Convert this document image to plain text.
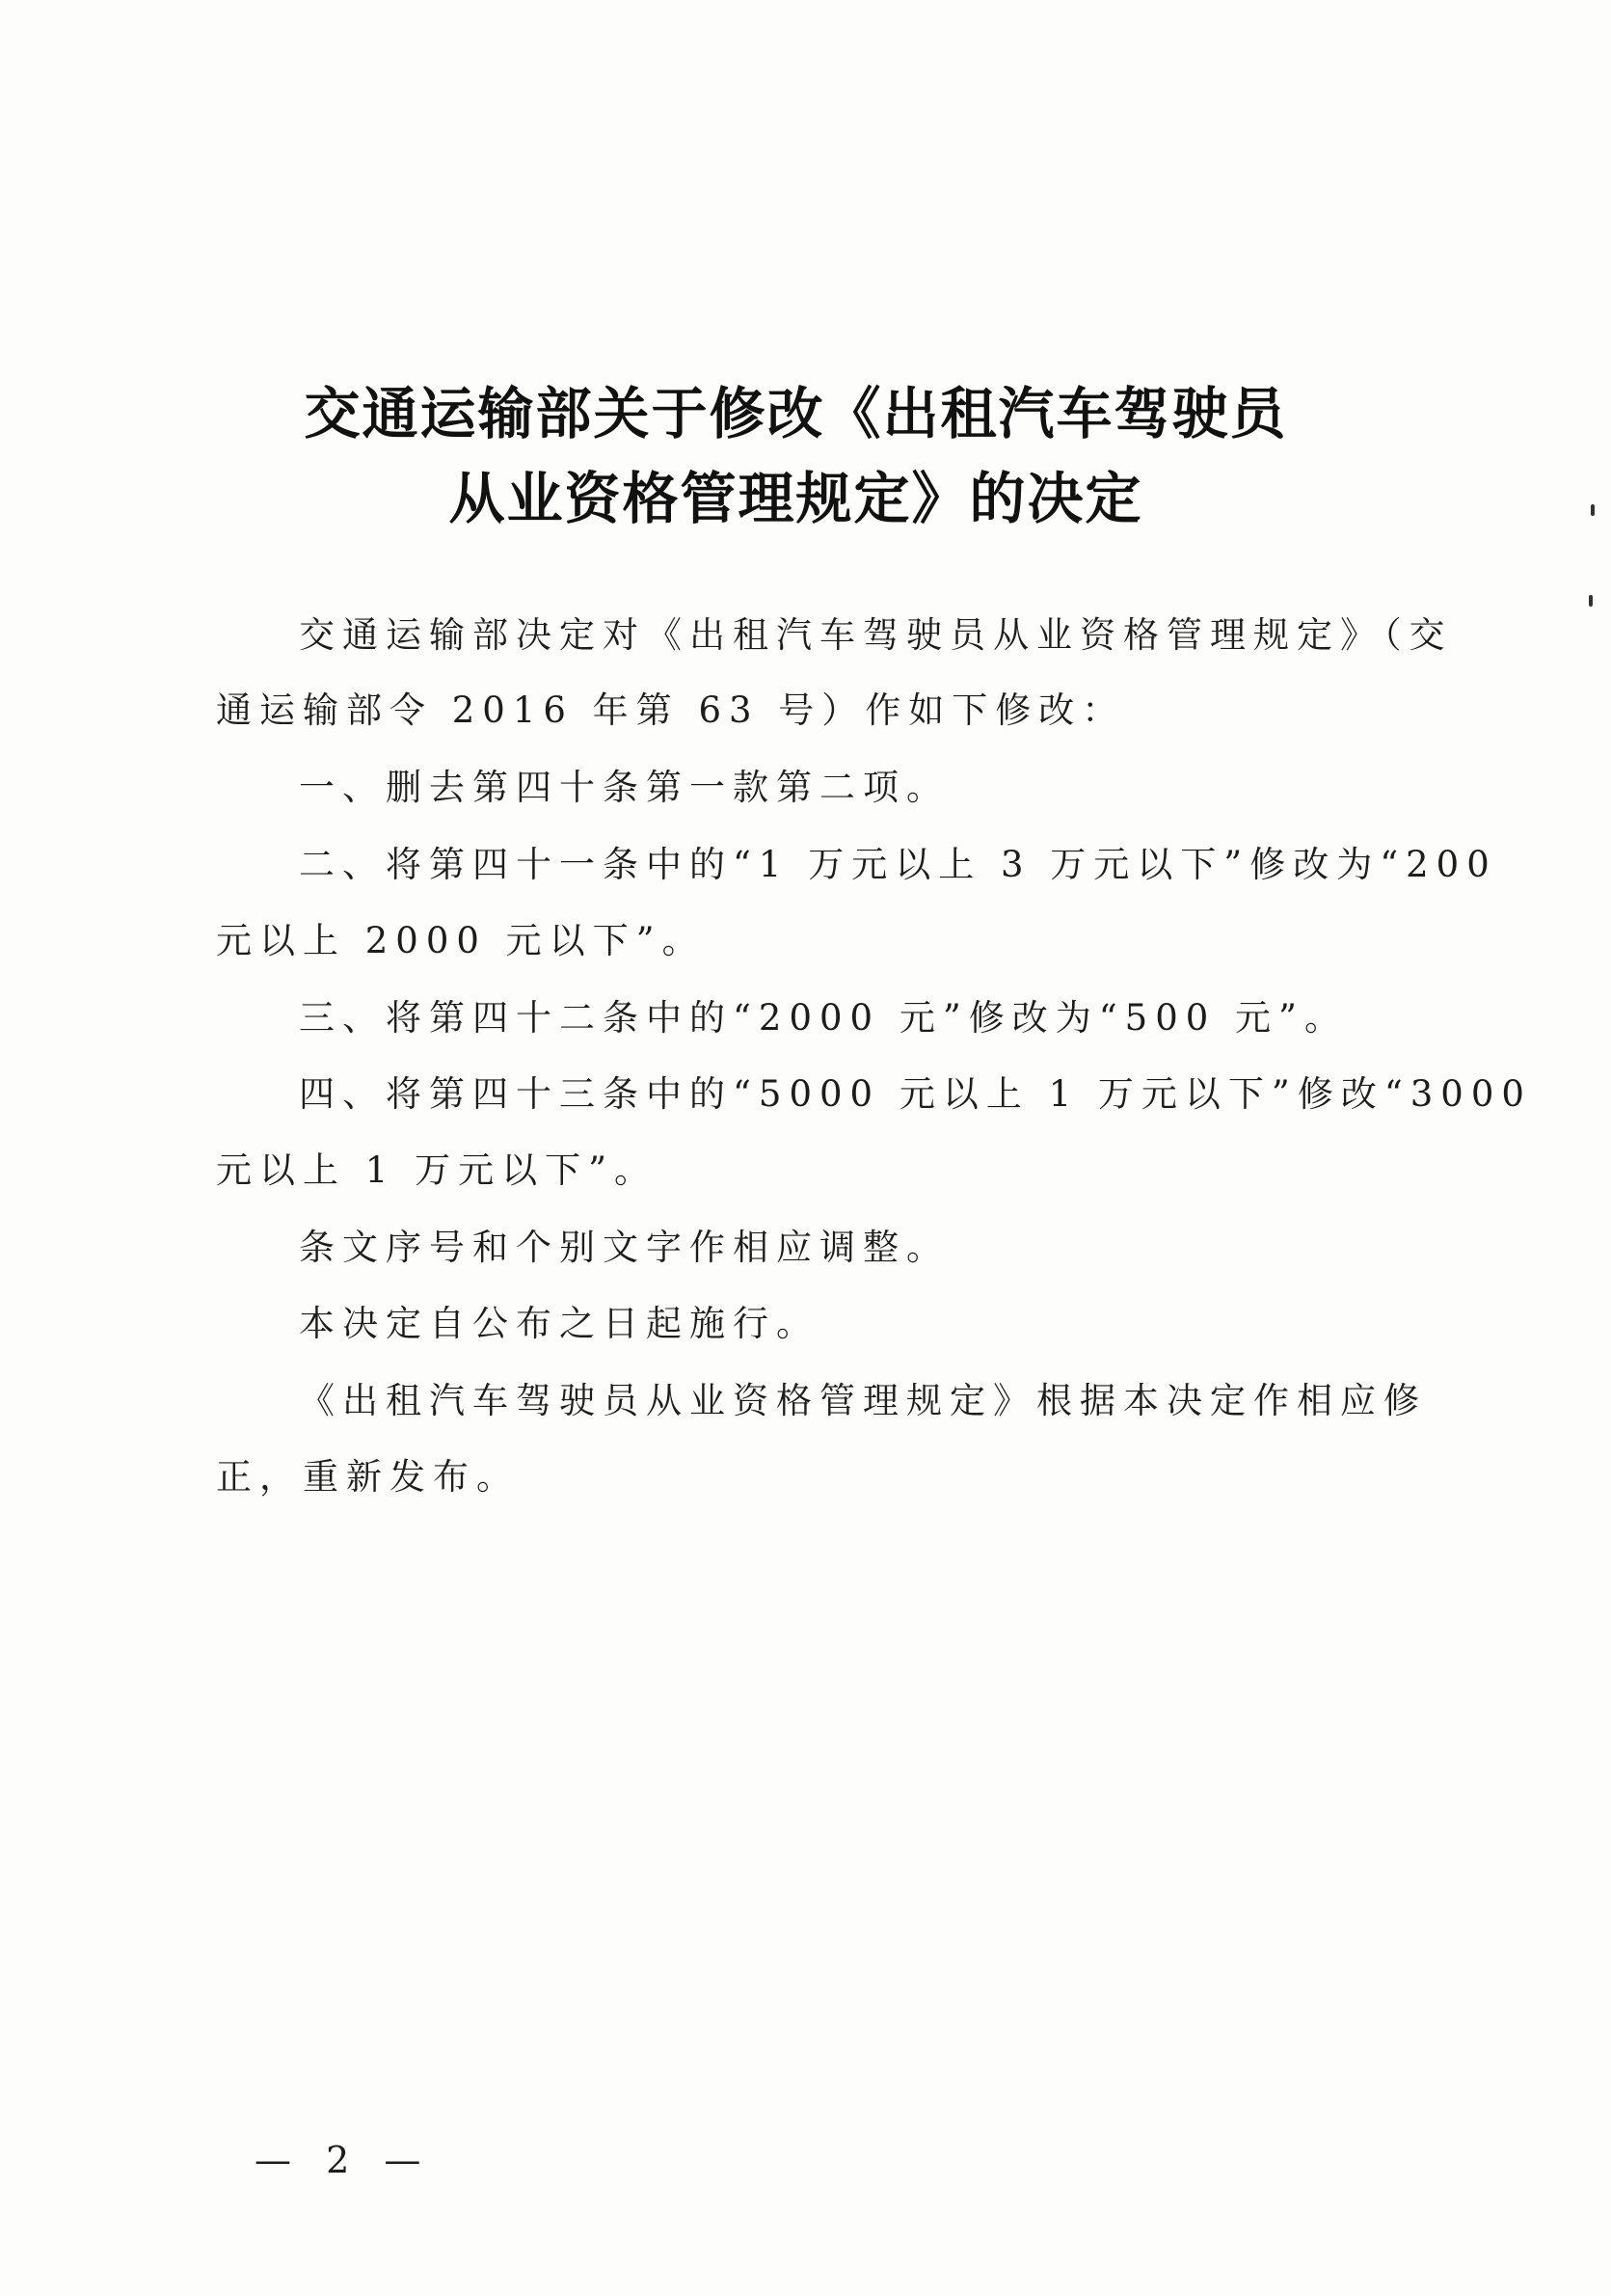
交通运输部关于修改《出租汽车驾驶员
从业资格管理规定》的决定
交通运输部决定对《出租汽车驾驶员从业资格管理规定》（交
通运输部令 2016 年第 63 号）作如下修改：
一、删去第四十条第一款第二项。
二、将第四十一条中的“1 万元以上 3 万元以下”修改为“200
元以上 2000 元以下”。
三、将第四十二条中的“2000 元”修改为“500 元”。
四、将第四十三条中的“5000 元以上 1 万元以下”修改“3000
元以上 1 万元以下”。
条文序号和个别文字作相应调整。
本决定自公布之日起施行。
《出租汽车驾驶员从业资格管理规定》根据本决定作相应修
正，重新发布。
— 2 —
